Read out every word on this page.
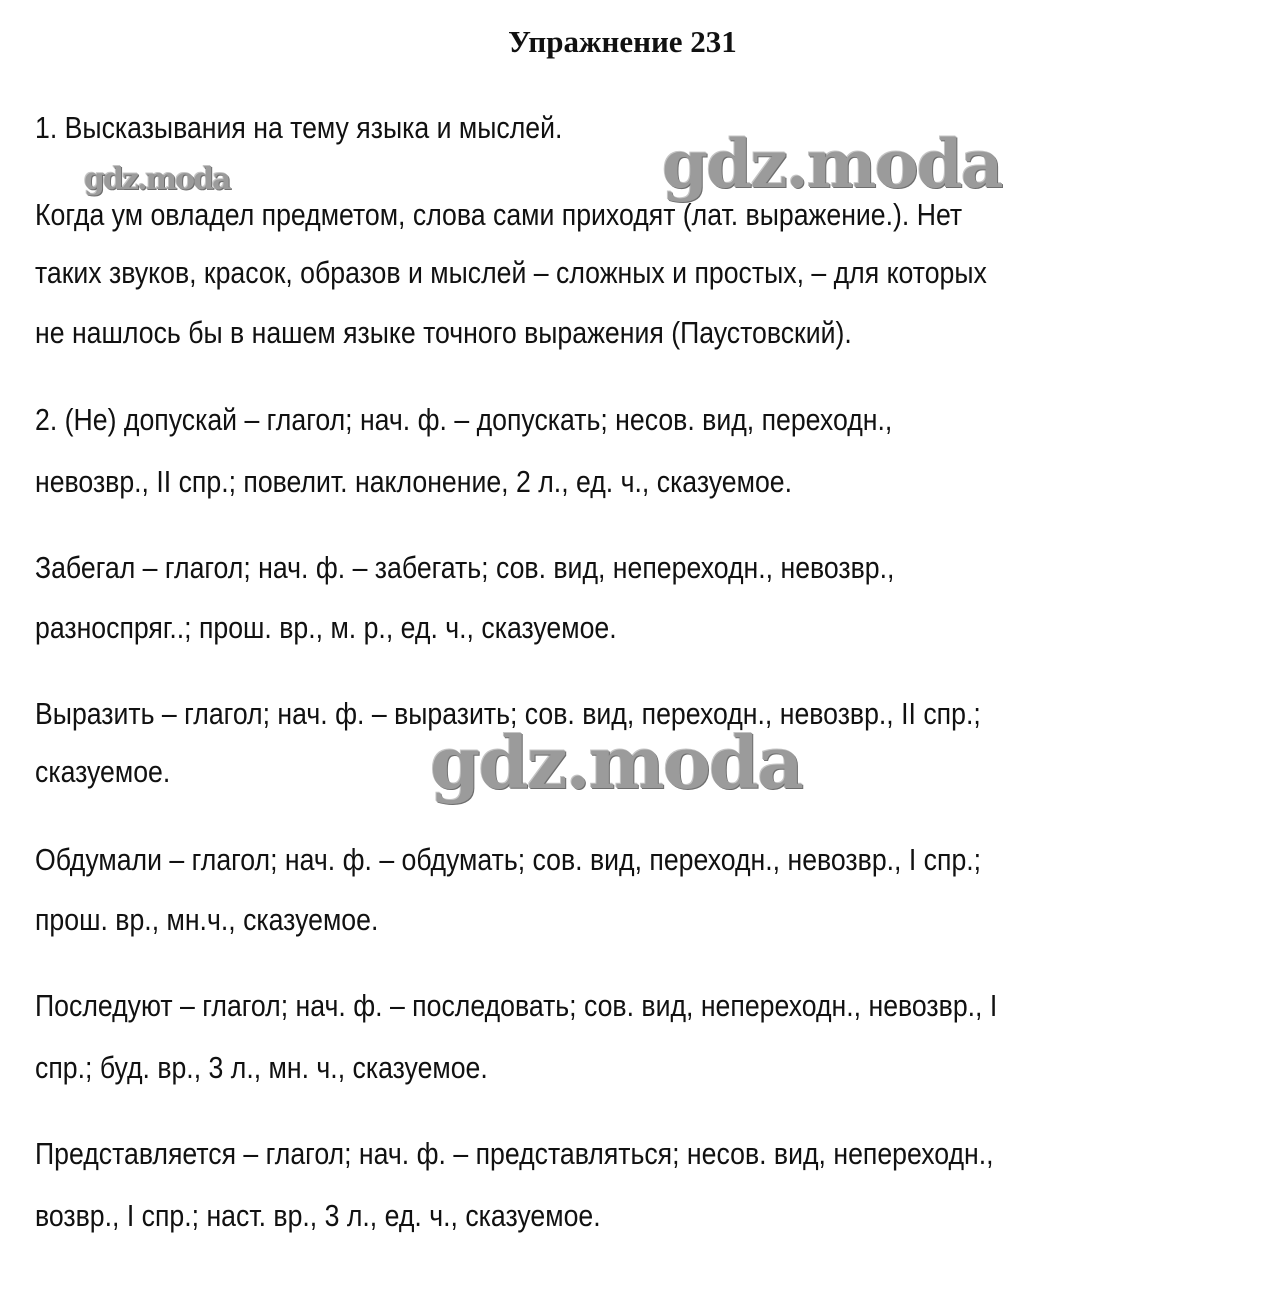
Упражнение 231
1. Высказывания на тему языка и мыслей.
Когда ум овладел предметом, слова сами приходят (лат. выражение.). Нет
таких звуков, красок, образов и мыслей – сложных и простых, – для которых
не нашлось бы в нашем языке точного выражения (Паустовский).
2. (Не) допускай – глагол; нач. ф. – допускать; несов. вид, переходн.,
невозвр., II спр.; повелит. наклонение, 2 л., ед. ч., сказуемое.
Забегал – глагол; нач. ф. – забегать; сов. вид, непереходн., невозвр.,
разноспряг..; прош. вр., м. р., ед. ч., сказуемое.
Выразить – глагол; нач. ф. – выразить; сов. вид, переходн., невозвр., II спр.;
сказуемое.
Обдумали – глагол; нач. ф. – обдумать; сов. вид, переходн., невозвр., I спр.;
прош. вр., мн.ч., сказуемое.
Последуют – глагол; нач. ф. – последовать; сов. вид, непереходн., невозвр., I
спр.; буд. вр., 3 л., мн. ч., сказуемое.
Представляется – глагол; нач. ф. – представляться; несов. вид, непереходн.,
возвр., I спр.; наст. вр., 3 л., ед. ч., сказуемое.
gdz.moda	gdz.moda
gdz.moda
